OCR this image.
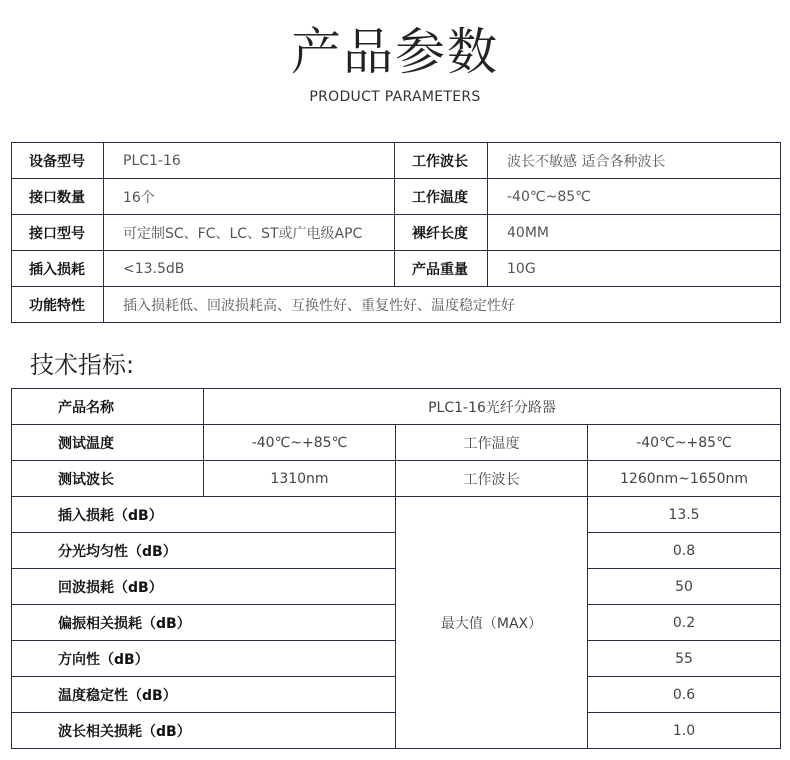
产品参数
PRODUCT PARAMETERS
设备型号	PLC1-16	工作波长	波长不敏感 适合各种波长
接口数量	16个	工作温度	-40℃~85℃
接口型号	可定制SC、FC、LC、ST或广电级APC	裸纤长度	40MM
插入损耗	<13.5dB	产品重量	10G
功能特性	插入损耗低、回波损耗高、互换性好、重复性好、温度稳定性好		
技术指标:
产品名称	PLC1-16光纤分路器		
测试温度	-40℃~+85℃	工作温度	-40℃~+85℃
测试波长	1310nm	工作波长	1260nm~1650nm
插入损耗（dB）		最大值（MAX）	13.5
分光均匀性（dB）			0.8
回波损耗（dB）			50
偏振相关损耗（dB）			0.2
方向性（dB）			55
温度稳定性（dB）			0.6
波长相关损耗（dB）			1.0
